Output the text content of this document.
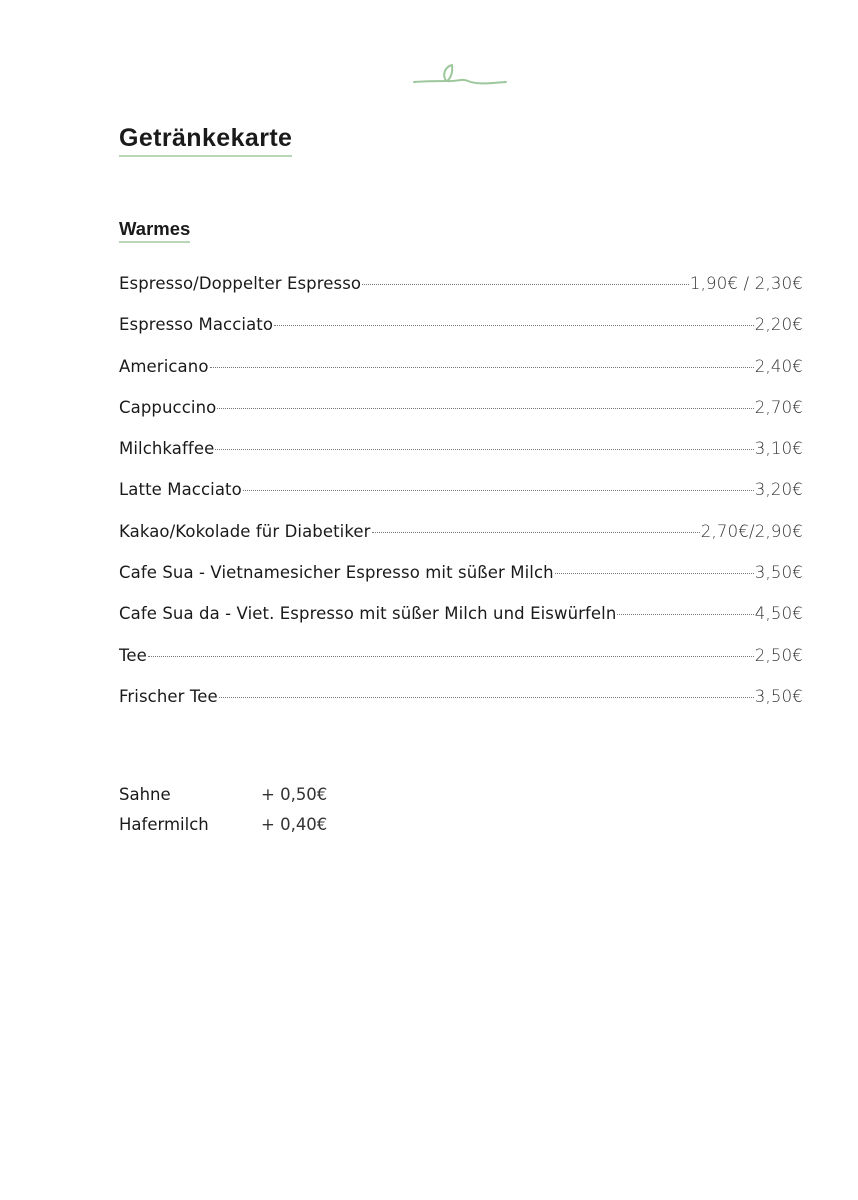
Getränkekarte
Warmes
Espresso/Doppelter Espresso	1,90€ / 2,30€
Espresso Macciato	2,20€
Americano	2,40€
Cappuccino	2,70€
Milchkaffee	3,10€
Latte Macciato	3,20€
Kakao/Kokolade für Diabetiker	2,70€/2,90€
Cafe Sua - Vietnamesicher Espresso mit süßer Milch	3,50€
Cafe Sua da - Viet. Espresso mit süßer Milch und Eiswürfeln	4,50€
Tee	2,50€
Frischer Tee	3,50€
Sahne	+ 0,50€
Hafermilch	+ 0,40€
